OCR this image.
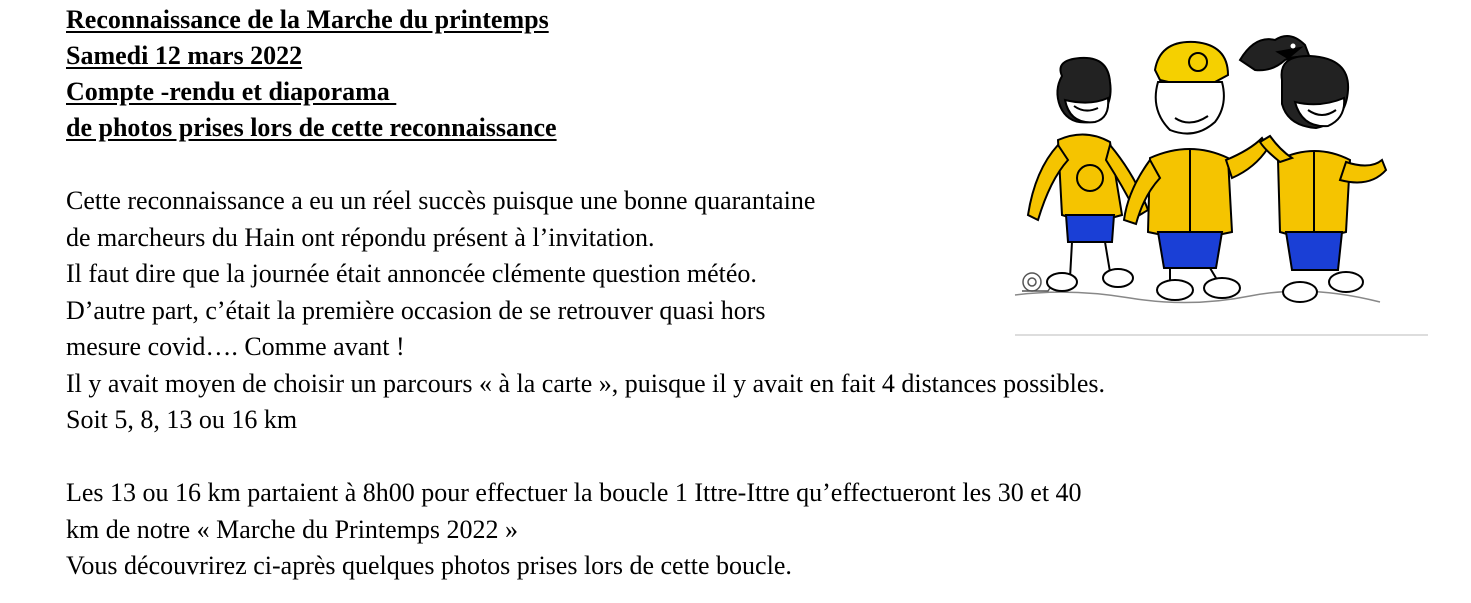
Reconnaissance de la Marche du printemps
Samedi 12 mars 2022
Compte -rendu et diaporama
de photos prises lors de cette reconnaissance
Cette reconnaissance a eu un réel succès puisque une bonne quarantaine
de marcheurs du Hain ont répondu présent à l’invitation.
Il faut dire que la journée était annoncée clémente question météo.
D’autre part, c’était la première occasion de se retrouver quasi hors
mesure covid…. Comme avant !
Il y avait moyen de choisir un parcours « à la carte », puisque il y avait en fait 4 distances possibles.
Soit 5, 8, 13 ou 16 km
Les 13 ou 16 km partaient à 8h00 pour effectuer la boucle 1 Ittre-Ittre qu’effectueront les 30 et 40
km de notre « Marche du Printemps 2022 »
Vous découvrirez ci-après quelques photos prises lors de cette boucle.
